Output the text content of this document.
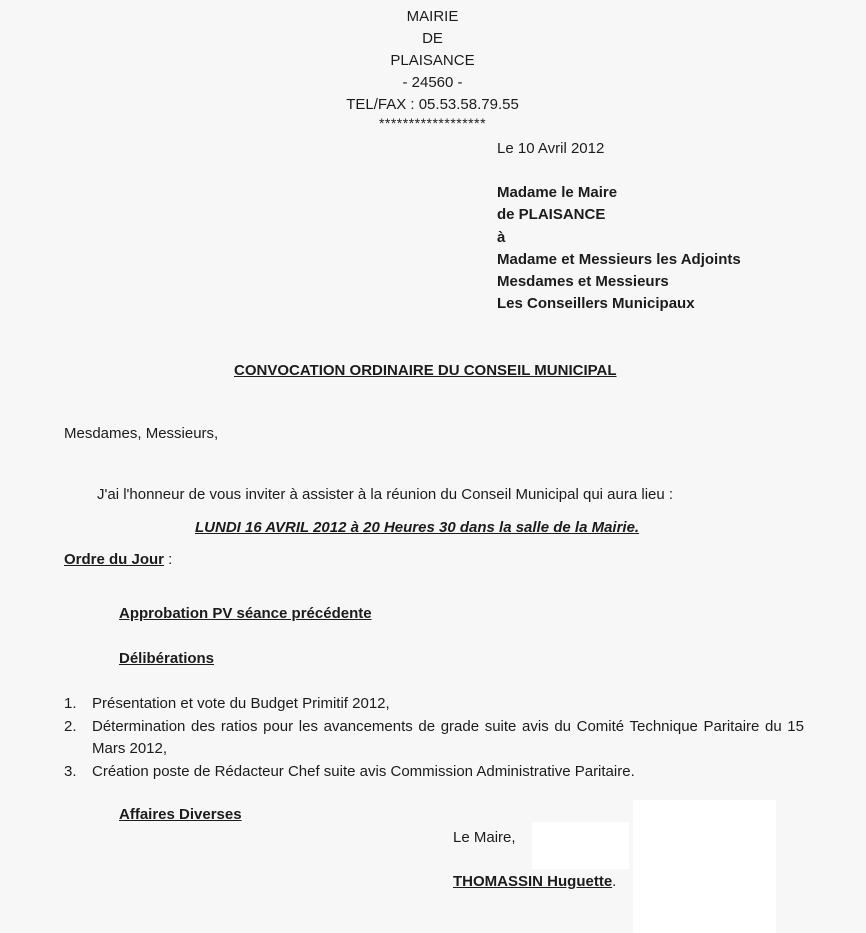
MAIRIE
DE
PLAISANCE
- 24560 -
TEL/FAX : 05.53.58.79.55
******************
Le 10 Avril 2012
Madame le Maire
de PLAISANCE
à
Madame et Messieurs les Adjoints
Mesdames et Messieurs
Les Conseillers Municipaux
CONVOCATION ORDINAIRE DU CONSEIL MUNICIPAL
Mesdames, Messieurs,
J'ai l'honneur de vous inviter à assister à la réunion du Conseil Municipal qui aura lieu :
LUNDI 16 AVRIL 2012 à 20 Heures 30 dans la salle de la Mairie.
Ordre du Jour :
Approbation PV séance précédente
Délibérations
1.	Présentation et vote du Budget Primitif 2012,
2.	Détermination des ratios pour les avancements de grade suite avis du Comité Technique Paritaire du 15 Mars 2012,
3.	Création poste de Rédacteur Chef suite avis Commission Administrative Paritaire.
Affaires Diverses
Le Maire,
THOMASSIN Huguette.
